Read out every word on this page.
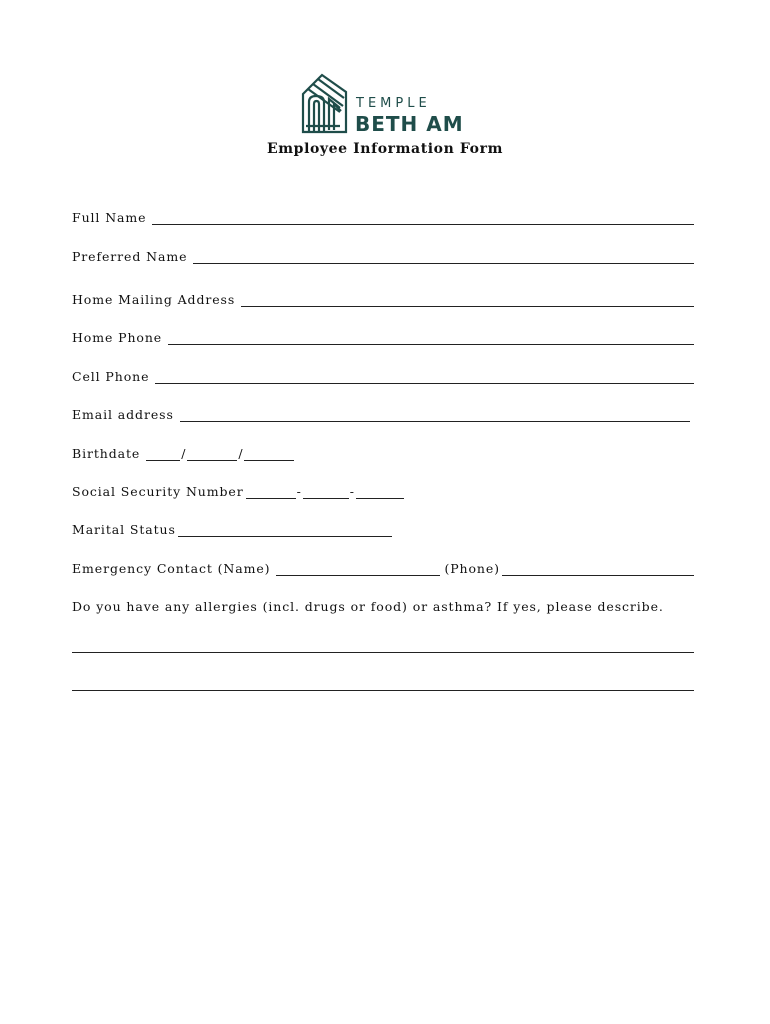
TEMPLE
BETH AM
Employee Information Form
Full Name
Preferred Name
Home Mailing Address
Home Phone
Cell Phone
Email address
Birthdate	/	/
Social Security Number	-	-
Marital Status
Emergency Contact (Name)	(Phone)
Do you have any allergies (incl. drugs or food) or asthma? If yes, please describe.
